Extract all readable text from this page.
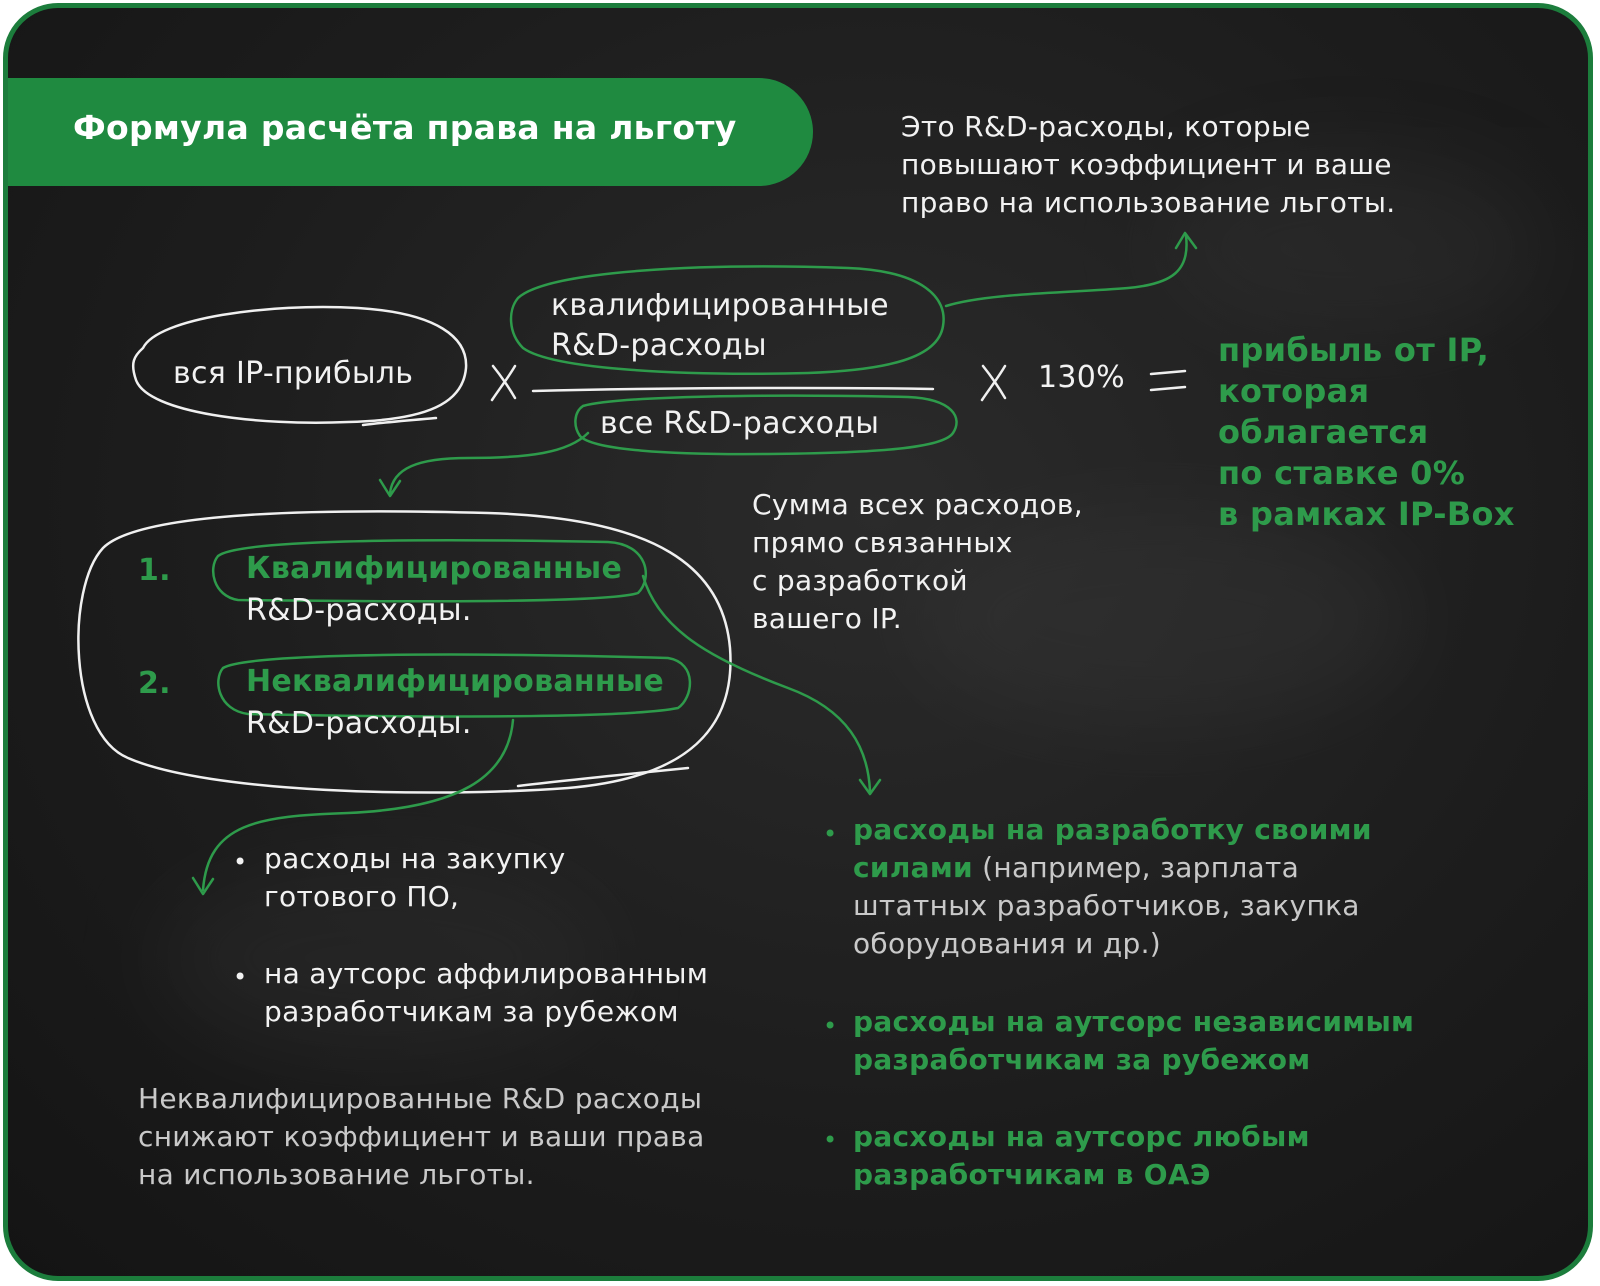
Формула расчёта права на льготу	Это R&D-расходы, которые
повышают коэффициент и ваше
право на использование льготы.
вся IP-прибыль
квалифицированные
R&D-расходы
все R&D-расходы
130%
прибыль от IP,
которая
облагается
по ставке 0%
в рамках IP-Box
Сумма всех расходов,
прямо связанных
с разработкой
вашего IP.
1.	Квалифицированные
R&D-расходы.
2.	Неквалифицированные
R&D-расходы.
• расходы на закупку
готового ПО,
• на аутсорс аффилированным
разработчикам за рубежом
Неквалифицированные R&D расходы
снижают коэффициент и ваши права
на использование льготы.
• расходы на разработку своими
силами (например, зарплата
штатных разработчиков, закупка
оборудования и др.)
• расходы на аутсорс независимым
разработчикам за рубежом
• расходы на аутсорс любым
разработчикам в ОАЭ
